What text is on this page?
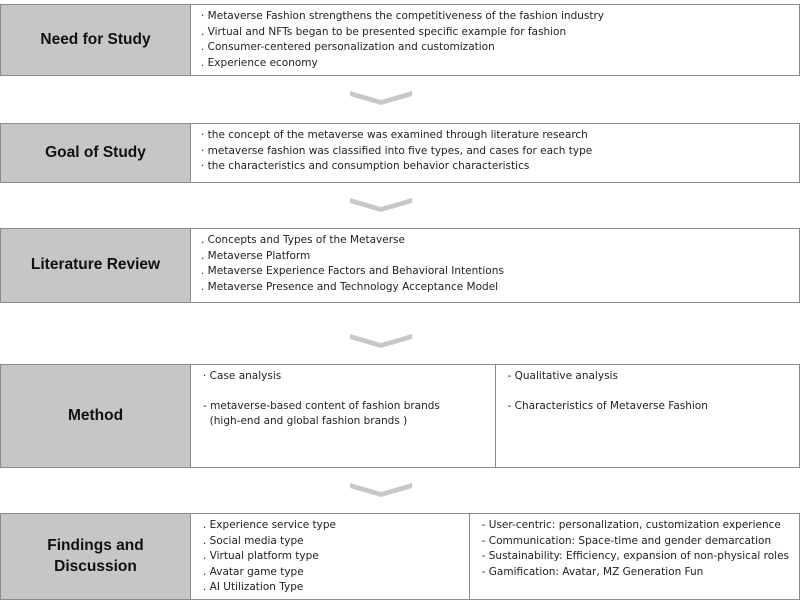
Need for Study
· Metaverse Fashion strengthens the competitiveness of the fashion industry
. Virtual and NFTs began to be presented specific example for fashion
. Consumer-centered personalization and customization
. Experience economy
Goal of Study
· the concept of the metaverse was examined through literature research
· metaverse fashion was classified into five types, and cases for each type
· the characteristics and consumption behavior characteristics
Literature Review
. Concepts and Types of the Metaverse
. Metaverse Platform
. Metaverse Experience Factors and Behavioral Intentions
. Metaverse Presence and Technology Acceptance Model
Method
· Case analysis
- metaverse-based content of fashion brands
(high-end and global fashion brands )
- Qualitative analysis
- Characteristics of Metaverse Fashion
Findings and
Discussion
. Experience service type
. Social media type
. Virtual platform type
. Avatar game type
. AI Utilization Type
- User-centric: personalization, customization experience
- Communication: Space-time and gender demarcation
- Sustainability: Efficiency, expansion of non-physical roles
- Gamification: Avatar, MZ Generation Fun
